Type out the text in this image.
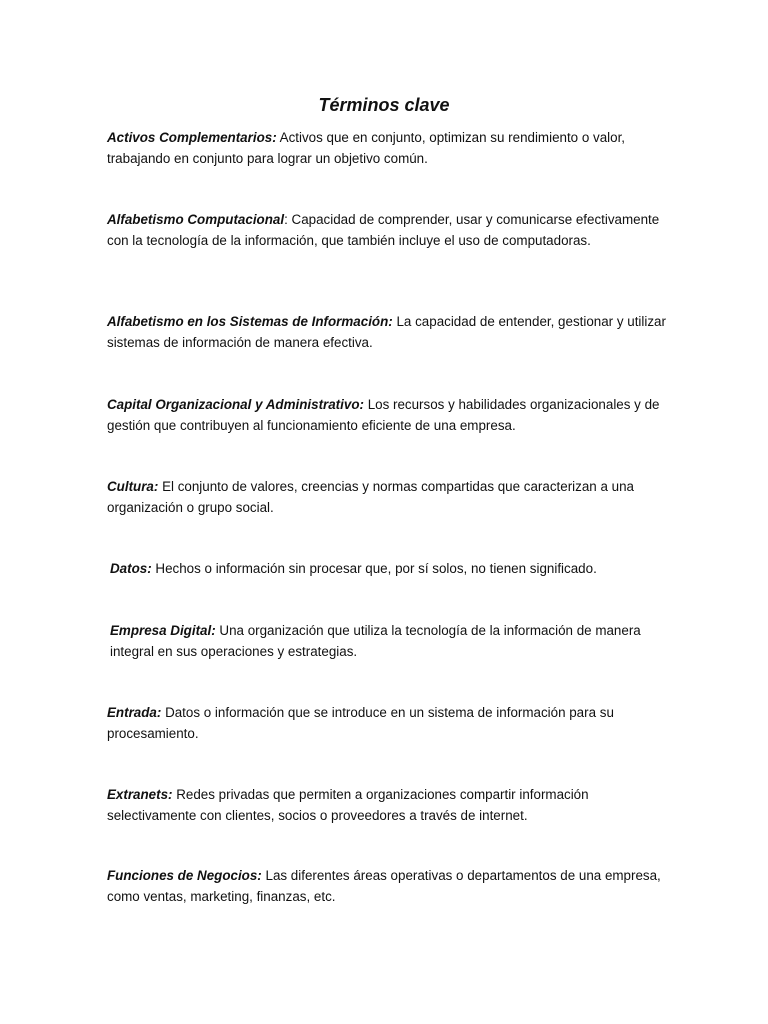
Términos clave
Activos Complementarios: Activos que en conjunto, optimizan su rendimiento o valor, trabajando en conjunto para lograr un objetivo común.
Alfabetismo Computacional: Capacidad de comprender, usar y comunicarse efectivamente con la tecnología de la información, que también incluye el uso de computadoras.
Alfabetismo en los Sistemas de Información: La capacidad de entender, gestionar y utilizar sistemas de información de manera efectiva.
Capital Organizacional y Administrativo: Los recursos y habilidades organizacionales y de gestión que contribuyen al funcionamiento eficiente de una empresa.
Cultura: El conjunto de valores, creencias y normas compartidas que caracterizan a una organización o grupo social.
Datos: Hechos o información sin procesar que, por sí solos, no tienen significado.
Empresa Digital: Una organización que utiliza la tecnología de la información de manera integral en sus operaciones y estrategias.
Entrada: Datos o información que se introduce en un sistema de información para su procesamiento.
Extranets: Redes privadas que permiten a organizaciones compartir información selectivamente con clientes, socios o proveedores a través de internet.
Funciones de Negocios: Las diferentes áreas operativas o departamentos de una empresa, como ventas, marketing, finanzas, etc.
